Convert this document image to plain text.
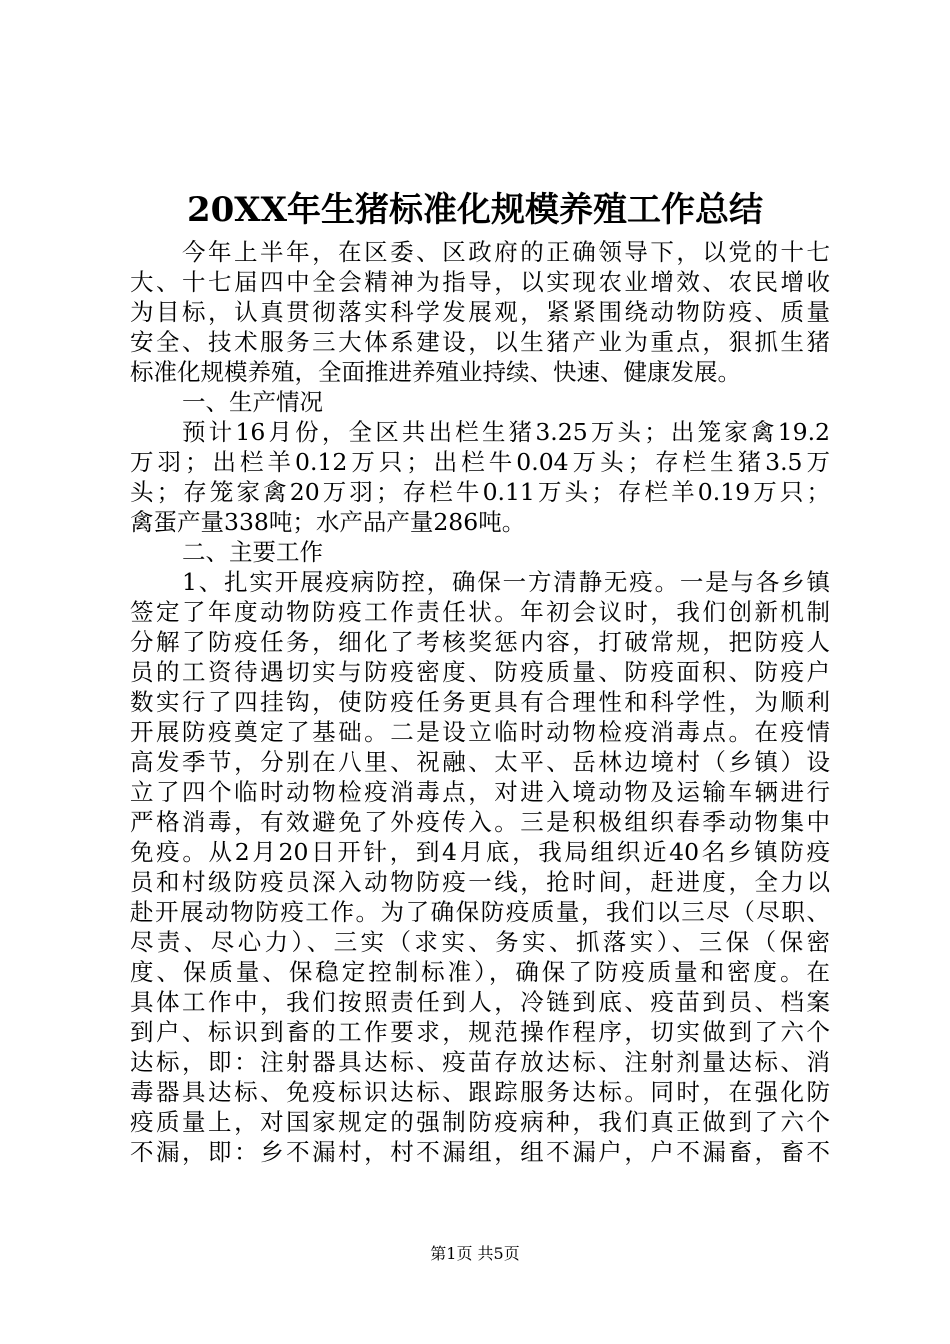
20XX年生猪标准化规模养殖工作总结
今年上半年，在区委、区政府的正确领导下，以党的十七
大、十七届四中全会精神为指导，以实现农业增效、农民增收
为目标，认真贯彻落实科学发展观，紧紧围绕动物防疫、质量
安全、技术服务三大体系建设，以生猪产业为重点，狠抓生猪
标准化规模养殖，全面推进养殖业持续、快速、健康发展。
一、生产情况
预计16月份，全区共出栏生猪3.25万头；出笼家禽19.2
万羽；出栏羊0.12万只；出栏牛0.04万头；存栏生猪3.5万
头；存笼家禽20万羽；存栏牛0.11万头；存栏羊0.19万只；
禽蛋产量338吨；水产品产量286吨。
二、主要工作
1、扎实开展疫病防控，确保一方清静无疫。一是与各乡镇
签定了年度动物防疫工作责任状。年初会议时，我们创新机制
分解了防疫任务，细化了考核奖惩内容，打破常规，把防疫人
员的工资待遇切实与防疫密度、防疫质量、防疫面积、防疫户
数实行了四挂钩，使防疫任务更具有合理性和科学性，为顺利
开展防疫奠定了基础。二是设立临时动物检疫消毒点。在疫情
高发季节，分别在八里、祝融、太平、岳林边境村（乡镇）设
立了四个临时动物检疫消毒点，对进入境动物及运输车辆进行
严格消毒，有效避免了外疫传入。三是积极组织春季动物集中
免疫。从2月20日开针，到4月底，我局组织近40名乡镇防疫
员和村级防疫员深入动物防疫一线，抢时间，赶进度，全力以
赴开展动物防疫工作。为了确保防疫质量，我们以三尽（尽职、
尽责、尽心力）、三实（求实、务实、抓落实）、三保（保密
度、保质量、保稳定控制标准），确保了防疫质量和密度。在
具体工作中，我们按照责任到人，冷链到底、疫苗到员、档案
到户、标识到畜的工作要求，规范操作程序，切实做到了六个
达标，即：注射器具达标、疫苗存放达标、注射剂量达标、消
毒器具达标、免疫标识达标、跟踪服务达标。同时，在强化防
疫质量上，对国家规定的强制防疫病种，我们真正做到了六个
不漏，即：乡不漏村，村不漏组，组不漏户，户不漏畜，畜不
第1页 共5页
